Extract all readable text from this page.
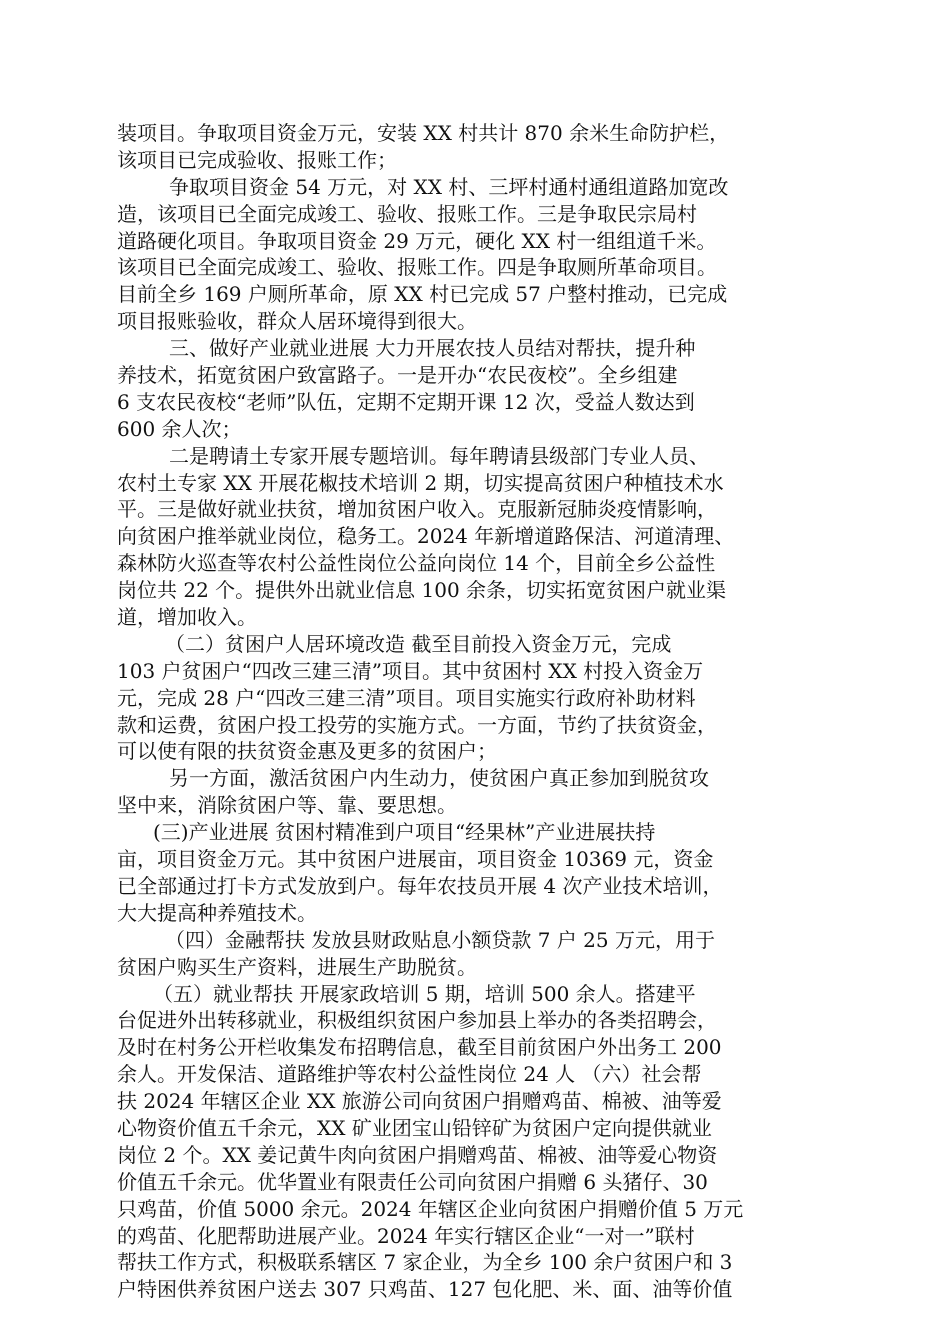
装项目。争取项目资金万元，安装 XX 村共计 870 余米生命防护栏，
该项目已完成验收、报账工作；
争取项目资金 54 万元，对 XX 村、三坪村通村通组道路加宽改
造，该项目已全面完成竣工、验收、报账工作。三是争取民宗局村
道路硬化项目。争取项目资金 29 万元，硬化 XX 村一组组道千米。
该项目已全面完成竣工、验收、报账工作。四是争取厕所革命项目。
目前全乡 169 户厕所革命，原 XX 村已完成 57 户整村推动，已完成
项目报账验收，群众人居环境得到很大。
三、做好产业就业进展 大力开展农技人员结对帮扶，提升种
养技术，拓宽贫困户致富路子。一是开办“农民夜校”。全乡组建
6 支农民夜校“老师”队伍，定期不定期开课 12 次，受益人数达到
600 余人次；
二是聘请土专家开展专题培训。每年聘请县级部门专业人员、
农村土专家 XX 开展花椒技术培训 2 期，切实提高贫困户种植技术水
平。三是做好就业扶贫，增加贫困户收入。克服新冠肺炎疫情影响，
向贫困户推举就业岗位，稳务工。2024 年新增道路保洁、河道清理、
森林防火巡查等农村公益性岗位公益向岗位 14 个，目前全乡公益性
岗位共 22 个。提供外出就业信息 100 余条，切实拓宽贫困户就业渠
道，增加收入。
（二）贫困户人居环境改造 截至目前投入资金万元，完成
103 户贫困户“四改三建三清”项目。其中贫困村 XX 村投入资金万
元，完成 28 户“四改三建三清”项目。项目实施实行政府补助材料
款和运费，贫困户投工投劳的实施方式。一方面，节约了扶贫资金，
可以使有限的扶贫资金惠及更多的贫困户；
另一方面，激活贫困户内生动力，使贫困户真正参加到脱贫攻
坚中来，消除贫困户等、靠、要思想。
(三)产业进展 贫困村精准到户项目“经果林”产业进展扶持
亩，项目资金万元。其中贫困户进展亩，项目资金 10369 元，资金
已全部通过打卡方式发放到户。每年农技员开展 4 次产业技术培训，
大大提高种养殖技术。
（四）金融帮扶 发放县财政贴息小额贷款 7 户 25 万元，用于
贫困户购买生产资料，进展生产助脱贫。
（五）就业帮扶 开展家政培训 5 期，培训 500 余人。搭建平
台促进外出转移就业，积极组织贫困户参加县上举办的各类招聘会，
及时在村务公开栏收集发布招聘信息，截至目前贫困户外出务工 200
余人。开发保洁、道路维护等农村公益性岗位 24 人 （六）社会帮
扶 2024 年辖区企业 XX 旅游公司向贫困户捐赠鸡苗、棉被、油等爱
心物资价值五千余元，XX 矿业团宝山铅锌矿为贫困户定向提供就业
岗位 2 个。XX 姜记黄牛肉向贫困户捐赠鸡苗、棉被、油等爱心物资
价值五千余元。优华置业有限责任公司向贫困户捐赠 6 头猪仔、30
只鸡苗，价值 5000 余元。2024 年辖区企业向贫困户捐赠价值 5 万元
的鸡苗、化肥帮助进展产业。2024 年实行辖区企业“一对一”联村
帮扶工作方式，积极联系辖区 7 家企业，为全乡 100 余户贫困户和 3
户特困供养贫困户送去 307 只鸡苗、127 包化肥、米、面、油等价值
